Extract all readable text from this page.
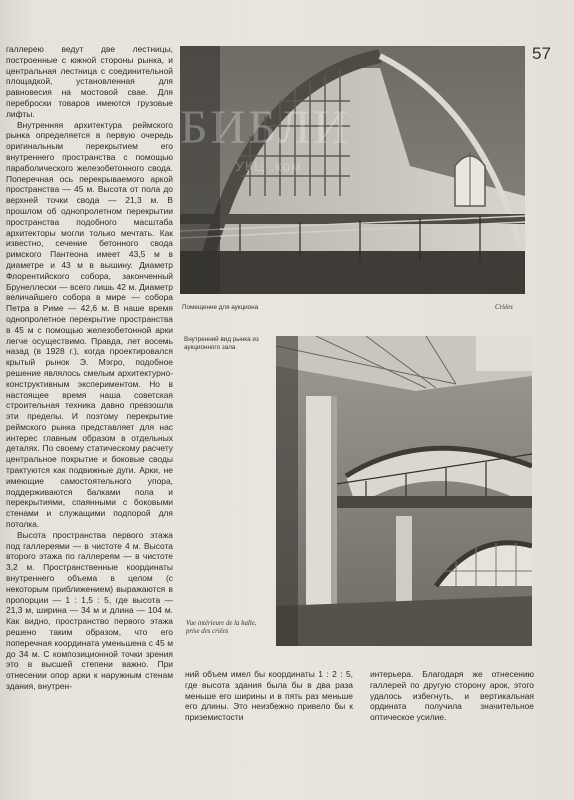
57

галлерею ведут две лестницы, построенные с южной стороны рынка, и центральная лестница с соединительной площадкой, установленная для равновесия на мостовой свае. Для переброски товаров имеются грузовые лифты.

Внутренняя архитектура реймского рынка определяется в первую очередь оригинальным перекрытием его внутреннего пространства с помощью параболического железобетонного свода. Поперечная ось перекрываемого аркой пространства — 45 м. Высота от пола до верхней точки свода — 21,3 м. В прошлом об однопролетном перекрытии пространства подобного масштаба архитекторы могли только мечтать. Как известно, сечение бетонного свода римского Пантеона имеет 43,5 м в диаметре и 43 м в вышину. Диаметр Флорентийского собора, законченный Брунеллески — всего лишь 42 м. Диаметр величайшего собора в мире — собора Петра в Риме — 42,6 м. В наше время однопролетное перекрытие пространства в 45 м с помощью железобетонной арки легче осуществимо. Правда, лет восемь назад (в 1928 г.), когда проектировался крытый рынок Э. Мэгро, подобное решение являлось смелым архитектурно-конструктивным экспериментом. Но в настоящее время наша советская строительная техника давно превзошла эти пределы. И поэтому перекрытие реймского рынка представляет для нас интерес главным образом в отдельных деталях. По своему статическому расчету центральное покрытие и боковые своды трактуются как подвижные дуги. Арки, не имеющие самостоятельного упора, поддерживаются балками пола и перекрытиями, спаянными с боковыми стенами и служащими подпорой для потолка.

Высота пространства первого этажа под галлереями — в чистоте 4 м. Высота второго этажа по галлереям — в чистоте 3,2 м. Пространственные координаты внутреннего объема в целом (с некоторым приближением) выражаются в пропорции — 1 : 1,5 : 5, где высота — 21,3 м, ширина — 34 м и длина — 104 м. Как видно, пространство первого этажа решено таким образом, что его поперечная координата уменьшена с 45 м до 34 м. С композиционной точки зрения это в высшей степени важно. При отнесении опор арки к наружным стенам здания, внутрен-

БИБЛИ
УКЦ .ком
Помещение для аукциона	Criées
Внутренний вид рынка из аукционного зала
Vue intérieure de la halle, prise des criées

ний объем имел бы координаты 1 : 2 : 5, где высота здания была бы в два раза меньше его ширины и в пять раз меньше его длины. Это неизбежно привело бы к приземистости

интерьера. Благодаря же отнесению галлерей по другую сторону арок, этого удалось избегнуть, и вертикальная ордината получила значительное оптическое усилие.
